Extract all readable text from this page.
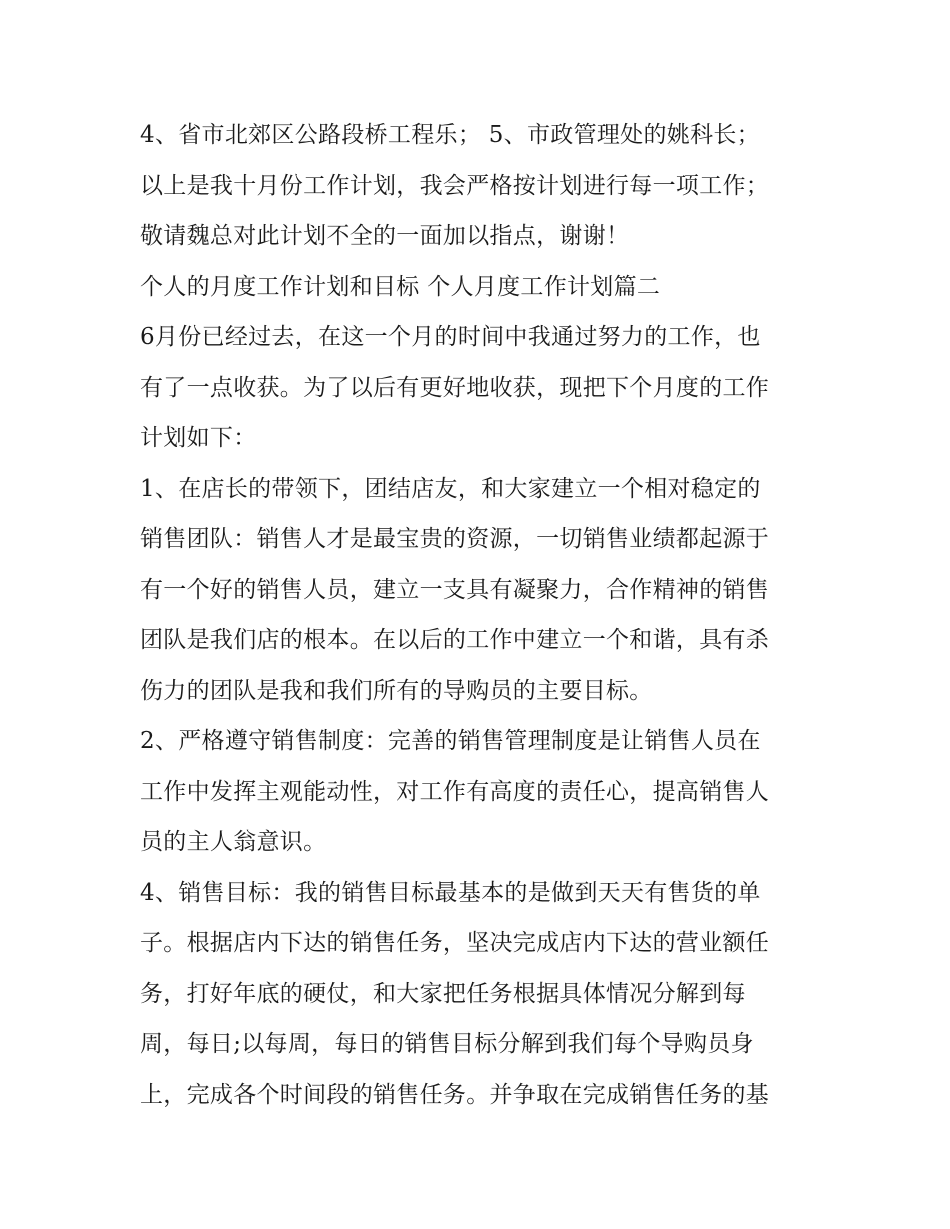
4、省市北郊区公路段桥工程乐； 5、市政管理处的姚科长；
以上是我十月份工作计划，我会严格按计划进行每一项工作；
敬请魏总对此计划不全的一面加以指点，谢谢！
个人的月度工作计划和目标 个人月度工作计划篇二
6月份已经过去，在这一个月的时间中我通过努力的工作，也
有了一点收获。为了以后有更好地收获，现把下个月度的工作
计划如下：
1、在店长的带领下，团结店友，和大家建立一个相对稳定的
销售团队：销售人才是最宝贵的资源，一切销售业绩都起源于
有一个好的销售人员，建立一支具有凝聚力，合作精神的销售
团队是我们店的根本。在以后的工作中建立一个和谐，具有杀
伤力的团队是我和我们所有的导购员的主要目标。
2、严格遵守销售制度：完善的销售管理制度是让销售人员在
工作中发挥主观能动性，对工作有高度的责任心，提高销售人
员的主人翁意识。
4、销售目标：我的销售目标最基本的是做到天天有售货的单
子。根据店内下达的销售任务，坚决完成店内下达的营业额任
务，打好年底的硬仗，和大家把任务根据具体情况分解到每
周，每日;以每周，每日的销售目标分解到我们每个导购员身
上，完成各个时间段的销售任务。并争取在完成销售任务的基
